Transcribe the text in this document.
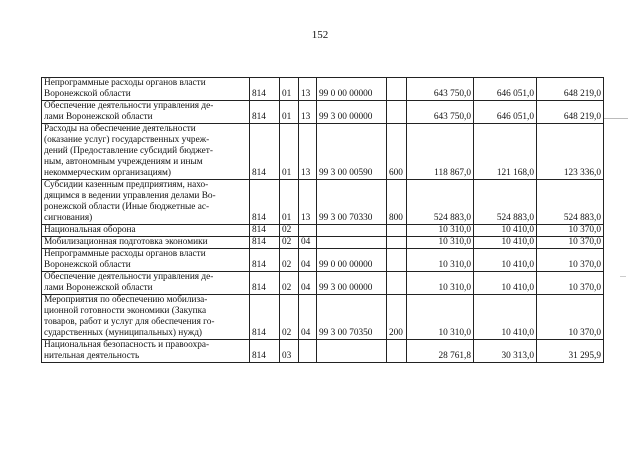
152
Непрограммные расходы органов власти
Воронежской области	814	01	13	99 0 00 00000		643 750,0	646 051,0	648 219,0

Обеспечение деятельности управления де-
лами Воронежской области	814	01	13	99 3 00 00000		643 750,0	646 051,0	648 219,0

Расходы на обеспечение деятельности
(оказание услуг) государственных учреж-
дений (Предоставление субсидий бюджет-
ным, автономным учреждениям и иным
некоммерческим организациям)	814	01	13	99 3 00 00590	600	118 867,0	121 168,0	123 336,0

Субсидии казенным предприятиям, нахо-
дящимся в ведении управления делами Во-
ронежской области (Иные бюджетные ас-
сигнования)	814	01	13	99 3 00 70330	800	524 883,0	524 883,0	524 883,0

Национальная оборона	814	02				10 310,0	10 410,0	10 370,0

Мобилизационная подготовка экономики	814	02	04			10 310,0	10 410,0	10 370,0

Непрограммные расходы органов власти
Воронежской области	814	02	04	99 0 00 00000		10 310,0	10 410,0	10 370,0

Обеспечение деятельности управления де-
лами Воронежской области	814	02	04	99 3 00 00000		10 310,0	10 410,0	10 370,0

Мероприятия по обеспечению мобилиза-
ционной готовности экономики (Закупка
товаров, работ и услуг для обеспечения го-
сударственных (муниципальных) нужд)	814	02	04	99 3 00 70350	200	10 310,0	10 410,0	10 370,0

Национальная безопасность и правоохра-
нительная деятельность	814	03				28 761,8	30 313,0	31 295,9
